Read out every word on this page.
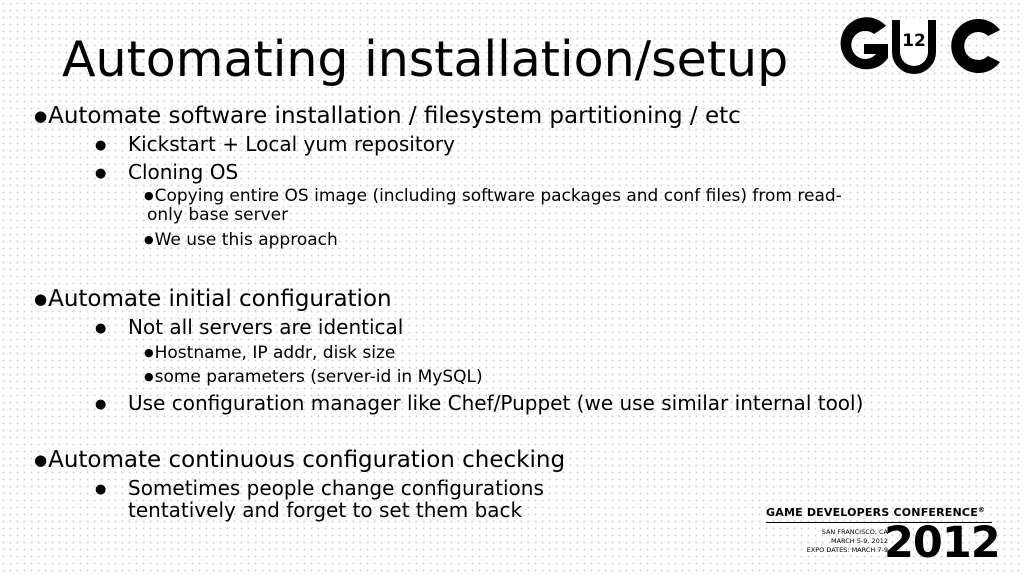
Automating installation/setup	12
●Automate software installation / filesystem partitioning / etc
● Kickstart + Local yum repository
● Cloning OS
●Copying entire OS image (including software packages and conf files) from read-
only base server
●We use this approach
●Automate initial configuration
● Not all servers are identical
●Hostname, IP addr, disk size
●some parameters (server-id in MySQL)
● Use configuration manager like Chef/Puppet (we use similar internal tool)
●Automate continuous configuration checking
● Sometimes people change configurations
tentatively and forget to set them back	GAME DEVELOPERS CONFERENCE®
SAN FRANCISCO, CA
MARCH 5-9, 2012
EXPO DATES: MARCH 7-9
2012
